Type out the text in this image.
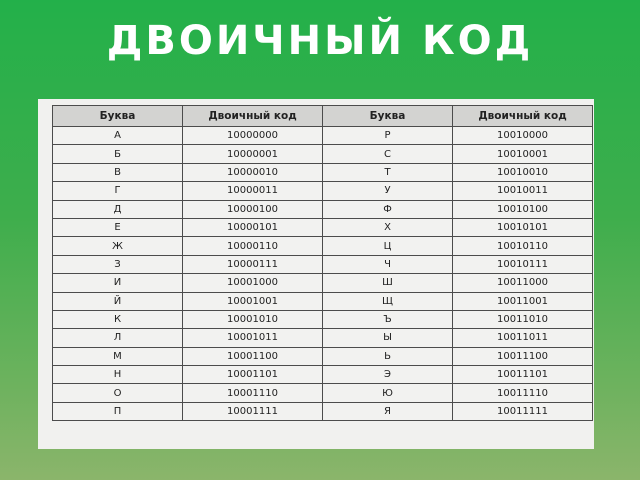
ДВОИЧНЫЙ КОД
Буква	Двоичный код	Буква	Двоичный код
А	10000000	Р	10010000
Б	10000001	С	10010001
В	10000010	Т	10010010
Г	10000011	У	10010011
Д	10000100	Ф	10010100
Е	10000101	Х	10010101
Ж	10000110	Ц	10010110
З	10000111	Ч	10010111
И	10001000	Ш	10011000
Й	10001001	Щ	10011001
К	10001010	Ъ	10011010
Л	10001011	Ы	10011011
М	10001100	Ь	10011100
Н	10001101	Э	10011101
О	10001110	Ю	10011110
П	10001111	Я	10011111
